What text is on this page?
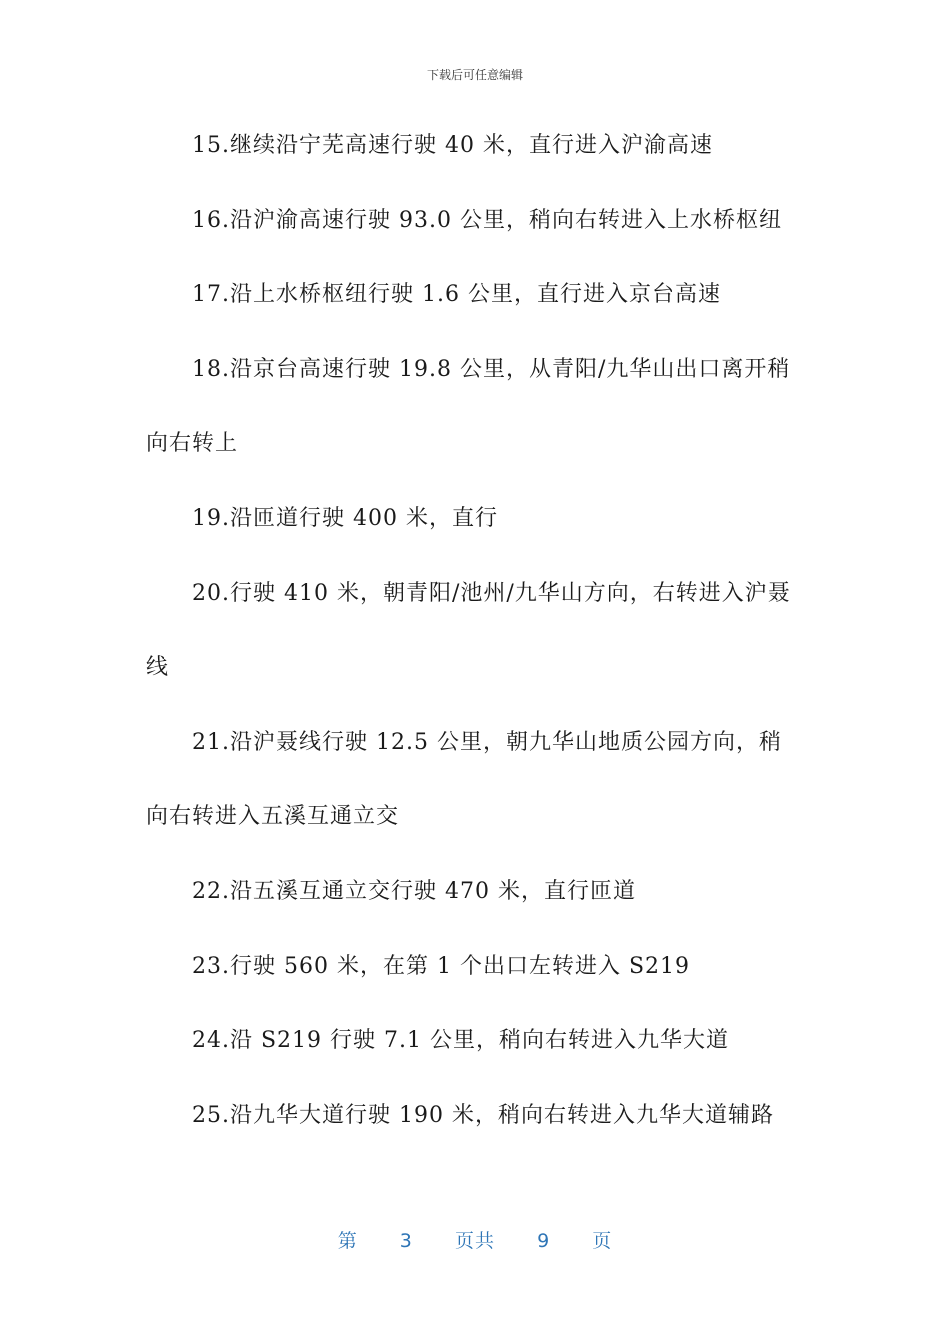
下载后可任意编辑
15.继续沿宁芜高速行驶 40 米，直行进入沪渝高速
16.沿沪渝高速行驶 93.0 公里，稍向右转进入上水桥枢纽
17.沿上水桥枢纽行驶 1.6 公里，直行进入京台高速
18.沿京台高速行驶 19.8 公里，从青阳/九华山出口离开稍
向右转上
19.沿匝道行驶 400 米，直行
20.行驶 410 米，朝青阳/池州/九华山方向，右转进入沪聂
线
21.沿沪聂线行驶 12.5 公里，朝九华山地质公园方向，稍
向右转进入五溪互通立交
22.沿五溪互通立交行驶 470 米，直行匝道
23.行驶 560 米，在第 1 个出口左转进入 S219
24.沿 S219 行驶 7.1 公里，稍向右转进入九华大道
25.沿九华大道行驶 190 米，稍向右转进入九华大道辅路
第 3 页共 9 页
